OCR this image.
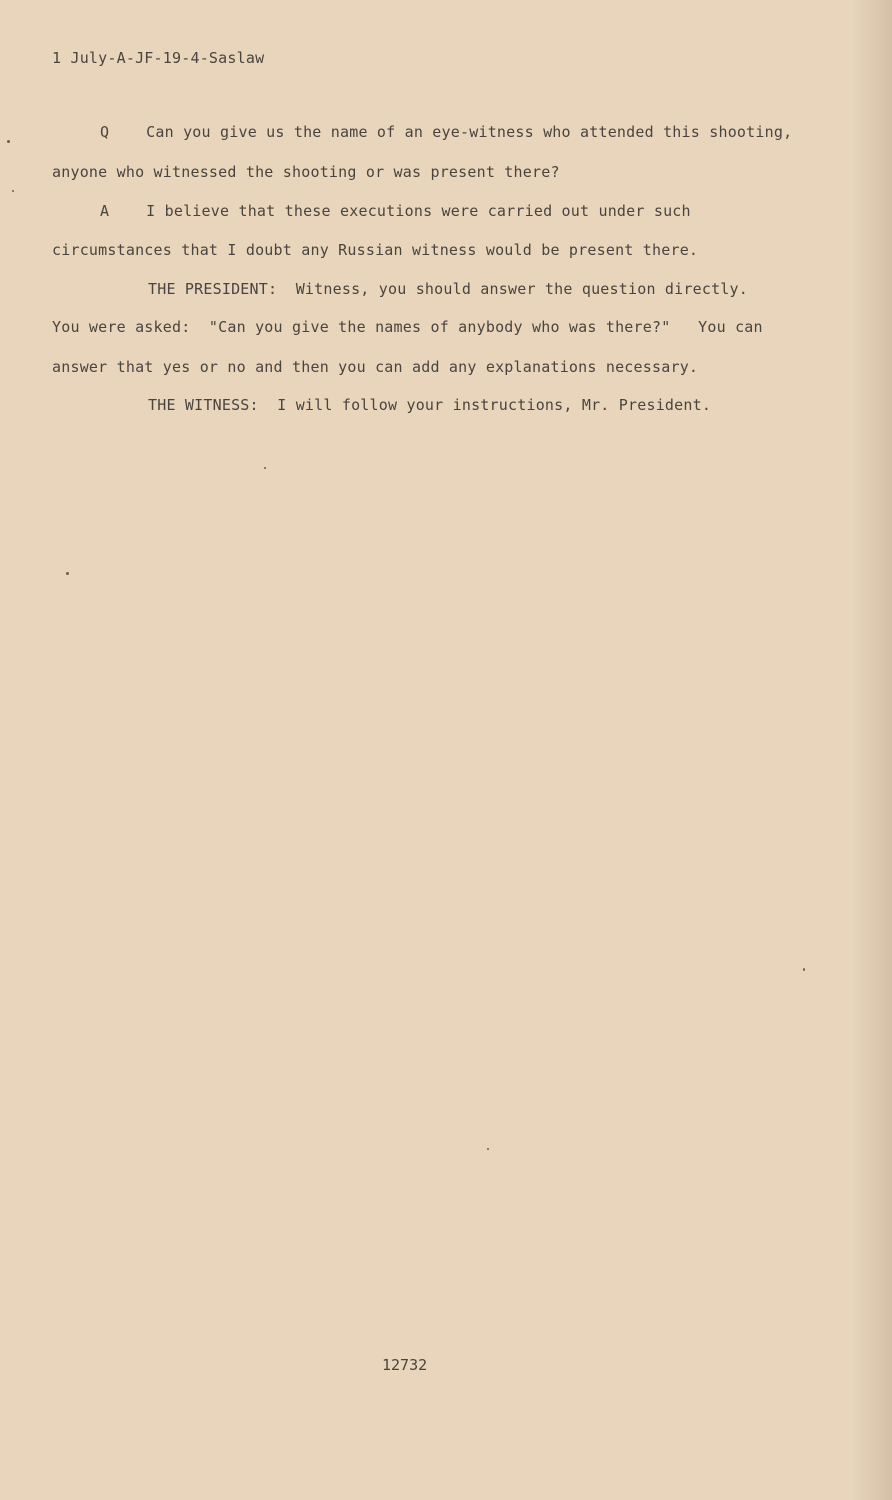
1 July-A-JF-19-4-Saslaw
Q    Can you give us the name of an eye-witness who attended this shooting,
anyone who witnessed the shooting or was present there?
A    I believe that these executions were carried out under such
circumstances that I doubt any Russian witness would be present there.
THE PRESIDENT:  Witness, you should answer the question directly.
You were asked:  "Can you give the names of anybody who was there?"   You can
answer that yes or no and then you can add any explanations necessary.
THE WITNESS:  I will follow your instructions, Mr. President.
12732
